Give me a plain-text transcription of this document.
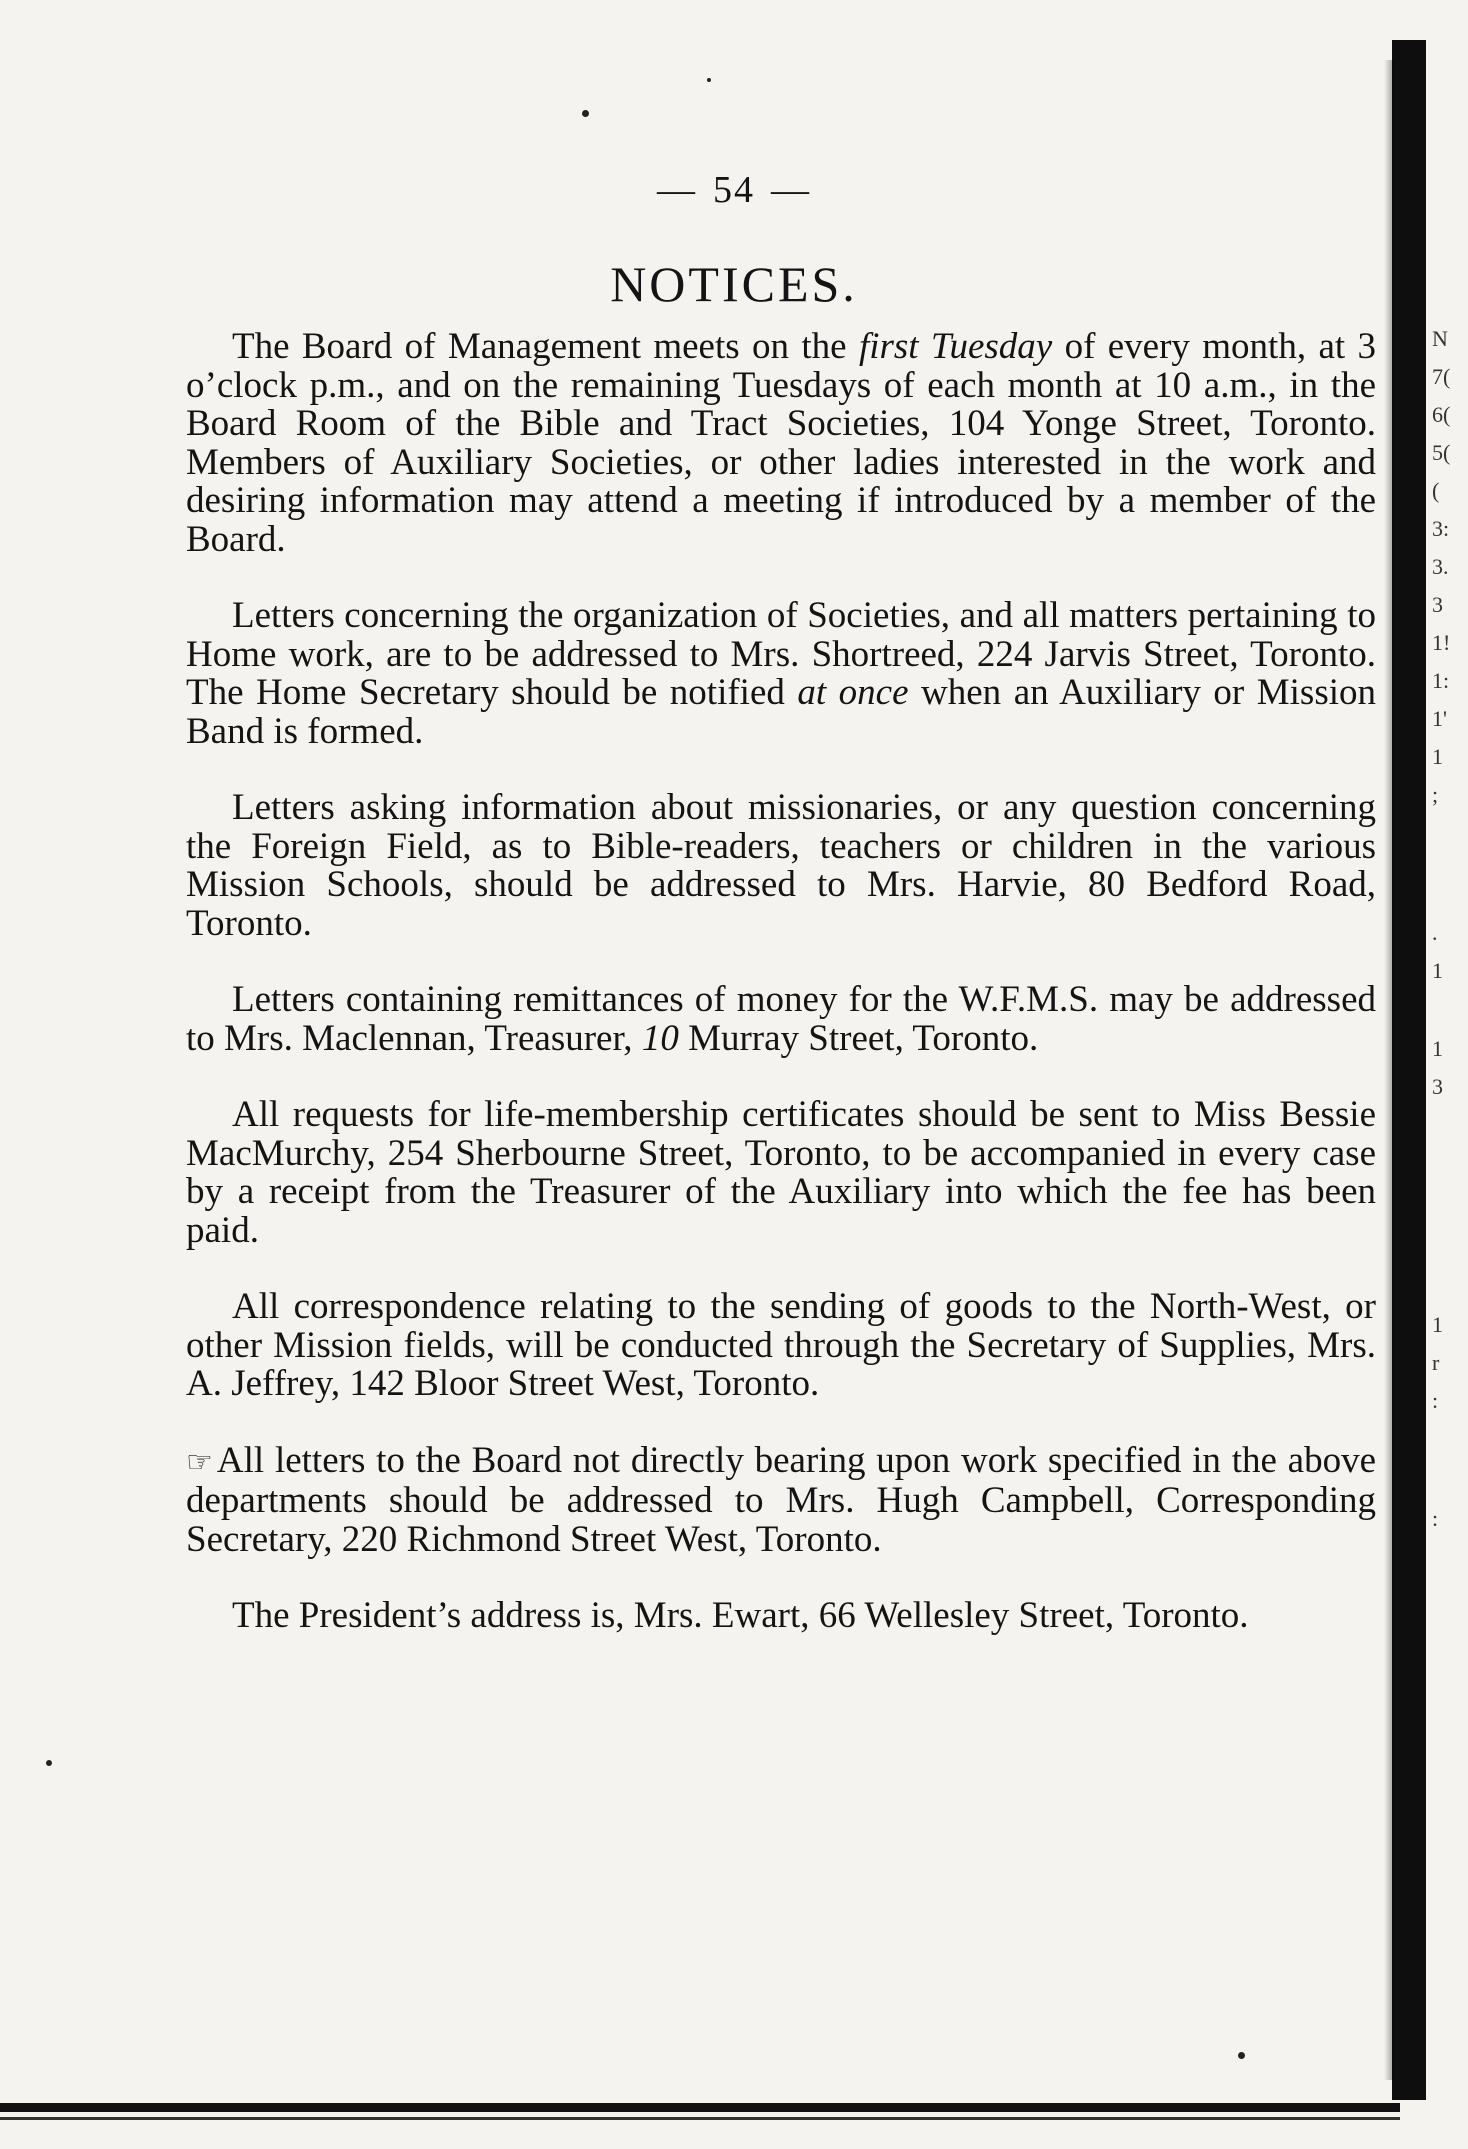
— 54 —
NOTICES.

The Board of Management meets on the first Tuesday of every month, at 3 o’clock p.m., and on the remaining Tuesdays of each month at 10 a.m., in the Board Room of the Bible and Tract Societies, 104 Yonge Street, Toronto. Members of Auxiliary Societies, or other ladies interested in the work and desiring information may attend a meeting if introduced by a member of the Board.

Letters concerning the organization of Societies, and all matters pertaining to Home work, are to be addressed to Mrs. Shortreed, 224 Jarvis Street, Toronto. The Home Secretary should be notified at once when an Auxiliary or Mission Band is formed.

Letters asking information about missionaries, or any question concerning the Foreign Field, as to Bible-readers, teachers or children in the various Mission Schools, should be addressed to Mrs. Harvie, 80 Bedford Road, Toronto.

Letters containing remittances of money for the W.F.M.S. may be addressed to Mrs. Maclennan, Treasurer, 10 Murray Street, Toronto.

All requests for life-membership certificates should be sent to Miss Bessie MacMurchy, 254 Sherbourne Street, Toronto, to be accompanied in every case by a receipt from the Treasurer of the Auxiliary into which the fee has been paid.

All correspondence relating to the sending of goods to the North-West, or other Mission fields, will be conducted through the Secretary of Supplies, Mrs. A. Jeffrey, 142 Bloor Street West, Toronto.

☞ All letters to the Board not directly bearing upon work specified in the above departments should be addressed to Mrs. Hugh Campbell, Corresponding Secretary, 220 Richmond Street West, Toronto.

The President’s address is, Mrs. Ewart, 66 Wellesley Street, Toronto.

N
7(
6(
5(
(
3:
3.
3
1!
1:
1'
1
;
.
1
1
3
1
r
:
:
